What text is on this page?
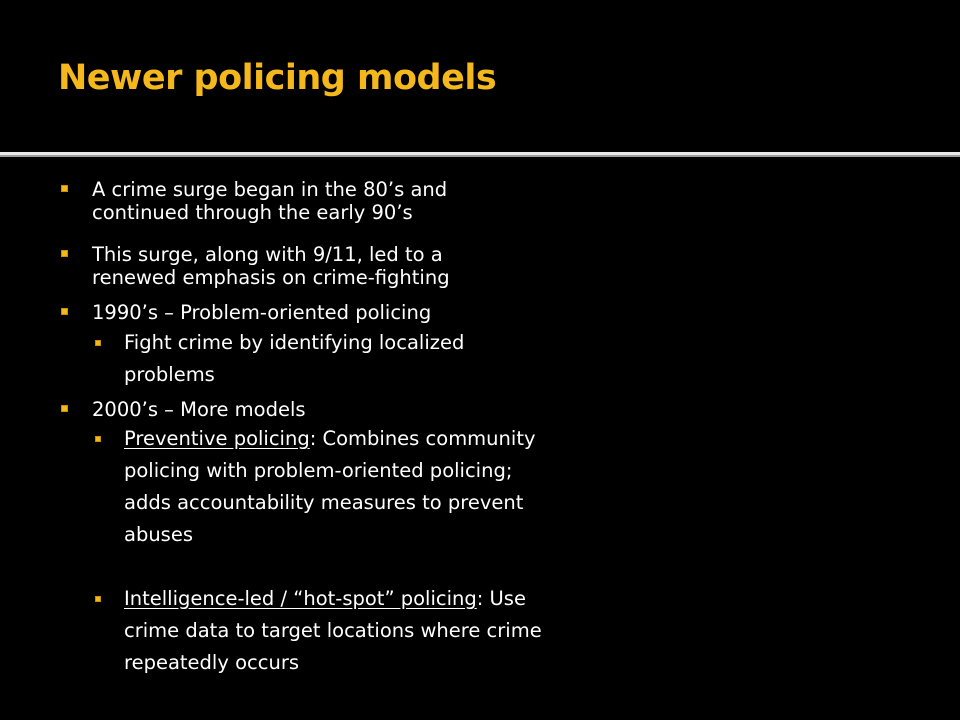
Newer policing models
A crime surge began in the 80’s and continued through the early 90’s
This surge, along with 9/11, led to a renewed emphasis on crime-fighting
1990’s – Problem-oriented policing
Fight crime by identifying localized problems
2000’s – More models
Preventive policing: Combines community policing with problem-oriented policing; adds accountability measures to prevent abuses
Intelligence-led / “hot-spot” policing: Use crime data to target locations where crime repeatedly occurs
